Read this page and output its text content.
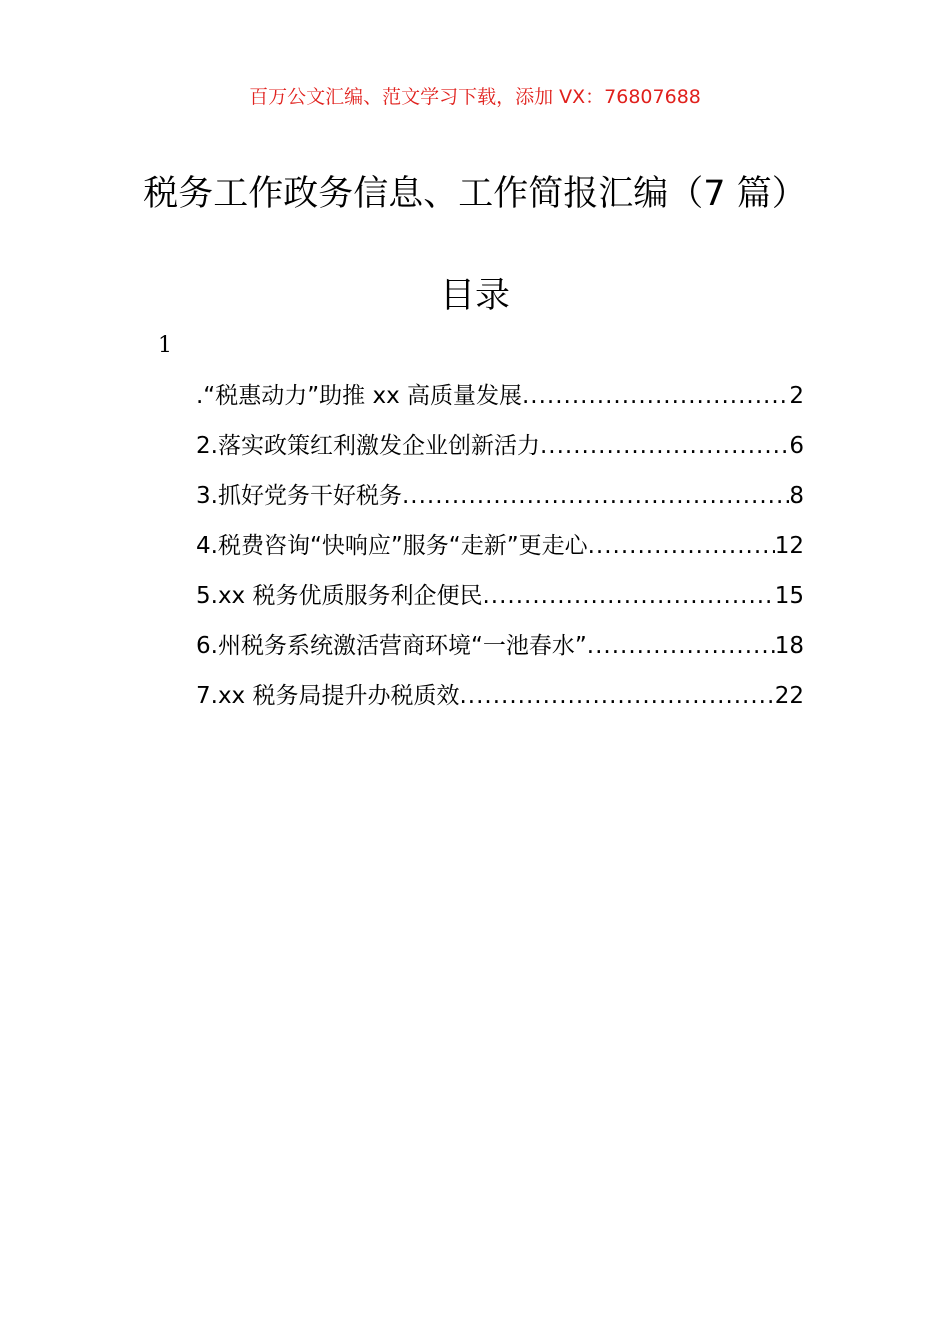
百万公文汇编、范文学习下载，添加 VX：76807688
税务工作政务信息、工作简报汇编（7 篇）
目录
1
.“税惠动力”助推 xx 高质量发展 .....	2
2.落实政策红利激发企业创新活力 .....	6
3.抓好党务干好税务 .....	8
4.税费咨询“快响应”服务“走新”更走心 .....	12
5.xx 税务优质服务利企便民 .....	15
6.州税务系统激活营商环境“一池春水” .....	18
7.xx 税务局提升办税质效 .....	22
